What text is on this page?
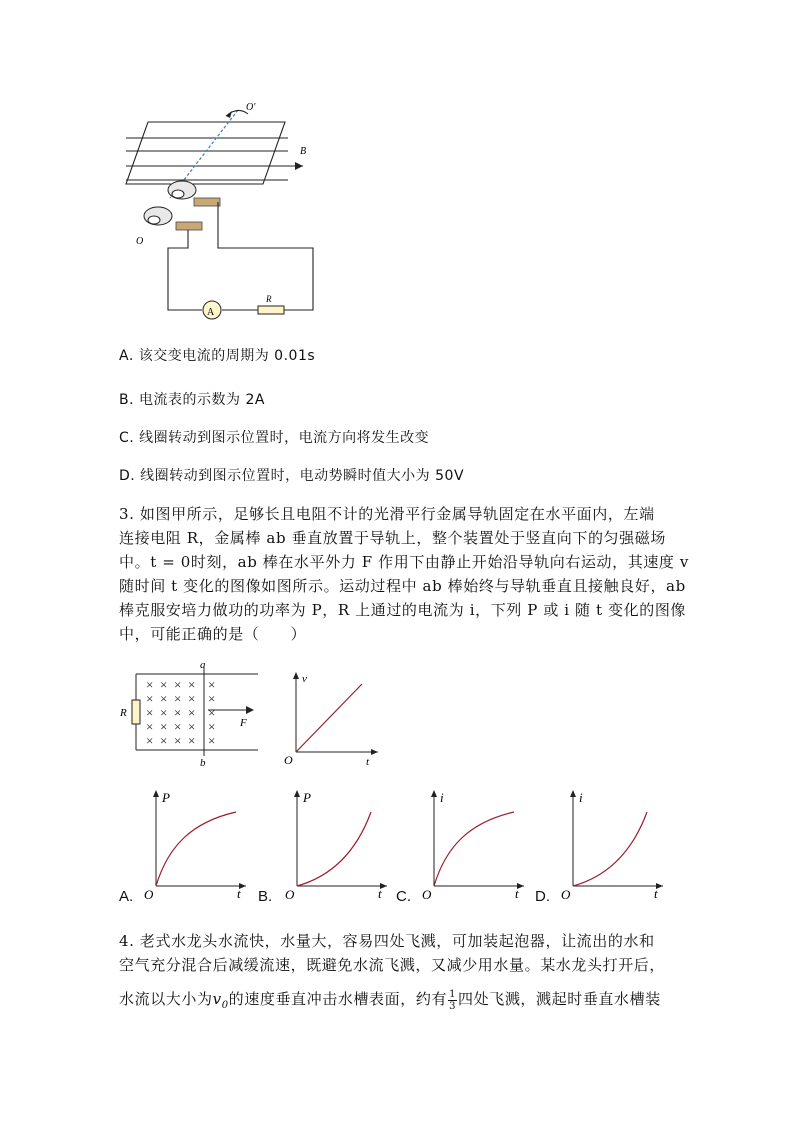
A
R
O′
O
B
A. 该交变电流的周期为 0.01s
B. 电流表的示数为 2A
C. 线圈转动到图示位置时，电流方向将发生改变
D. 线圈转动到图示位置时，电动势瞬时值大小为 50V
3. 如图甲所示，足够长且电阻不计的光滑平行金属导轨固定在水平面内，左端
连接电阻 R，金属棒 ab 垂直放置于导轨上，整个装置处于竖直向下的匀强磁场
中。t = 0时刻，ab 棒在水平外力 F 作用下由静止开始沿导轨向右运动，其速度 v
随时间 t 变化的图像如图所示。运动过程中 ab 棒始终与导轨垂直且接触良好，ab
棒克服安培力做功的功率为 P，R 上通过的电流为 i，下列 P 或 i 随 t 变化的图像
中，可能正确的是（　　）
× × × × ×
× × × × ×
× × × × ×
× × × × ×
× × × × ×
a
b
R
F
v
t
O
P
t
O
A.
P
t
O
B.
i
t
O
C.
i
t
O
D.
4. 老式水龙头水流快，水量大，容易四处飞溅，可加装起泡器，让流出的水和
空气充分混合后减缓流速，既避免水流飞溅，又减少用水量。某水龙头打开后，
水流以大小为$v_0$的速度垂直冲击水槽表面，约有 $\frac{1}{3}$ 四处飞溅，溅起时垂直水槽装
